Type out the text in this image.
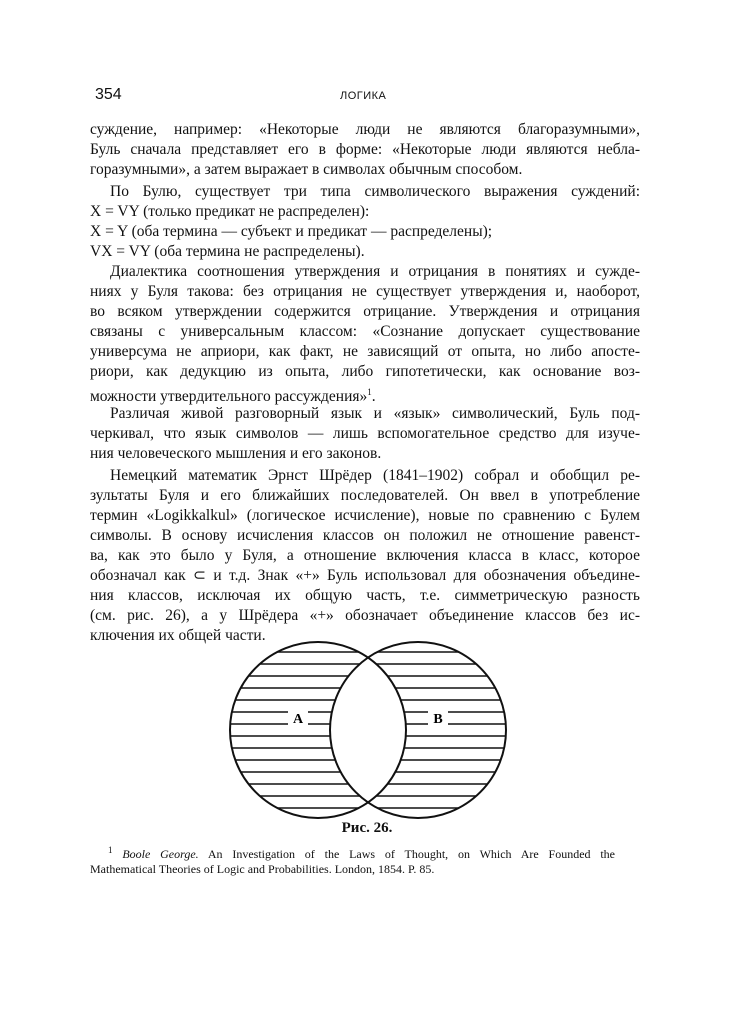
354	ЛОГИКА
суждение, например: «Некоторые люди не являются благоразумными»,
Буль сначала представляет его в форме: «Некоторые люди являются небла-
горазумными», а затем выражает в символах обычным способом.
По Булю, существует три типа символического выражения суждений:
X = VY (только предикат не распределен):
X = Y (оба термина — субъект и предикат — распределены);
VX = VY (оба термина не распределены).
Диалектика соотношения утверждения и отрицания в понятиях и сужде-
ниях у Буля такова: без отрицания не существует утверждения и, наоборот,
во всяком утверждении содержится отрицание. Утверждения и отрицания
связаны с универсальным классом: «Сознание допускает существование
универсума не априори, как факт, не зависящий от опыта, но либо апосте-
риори, как дедукцию из опыта, либо гипотетически, как основание воз-
можности утвердительного рассуждения»$^1$.
Различая живой разговорный язык и «язык» символический, Буль под-
черкивал, что язык символов — лишь вспомогательное средство для изуче-
ния человеческого мышления и его законов.
Немецкий математик Эрнст Шрёдер (1841–1902) собрал и обобщил ре-
зультаты Буля и его ближайших последователей. Он ввел в употребление
термин «Logikkalkul» (логическое исчисление), новые по сравнению с Булем
символы. В основу исчисления классов он положил не отношение равенст-
ва, как это было у Буля, а отношение включения класса в класс, которое
обозначал как ⊂ и т.д. Знак «+» Буль использовал для обозначения объедине-
ния классов, исключая их общую часть, т.е. симметрическую разность
(см. рис. 26), а у Шрёдера «+» обозначает объединение классов без ис-
ключения их общей части.
A	B
Рис. 26.
$^1$ Boole George. An Investigation of the Laws of Thought, on Which Are Founded the
Mathematical Theories of Logic and Probabilities. London, 1854. P. 85.
